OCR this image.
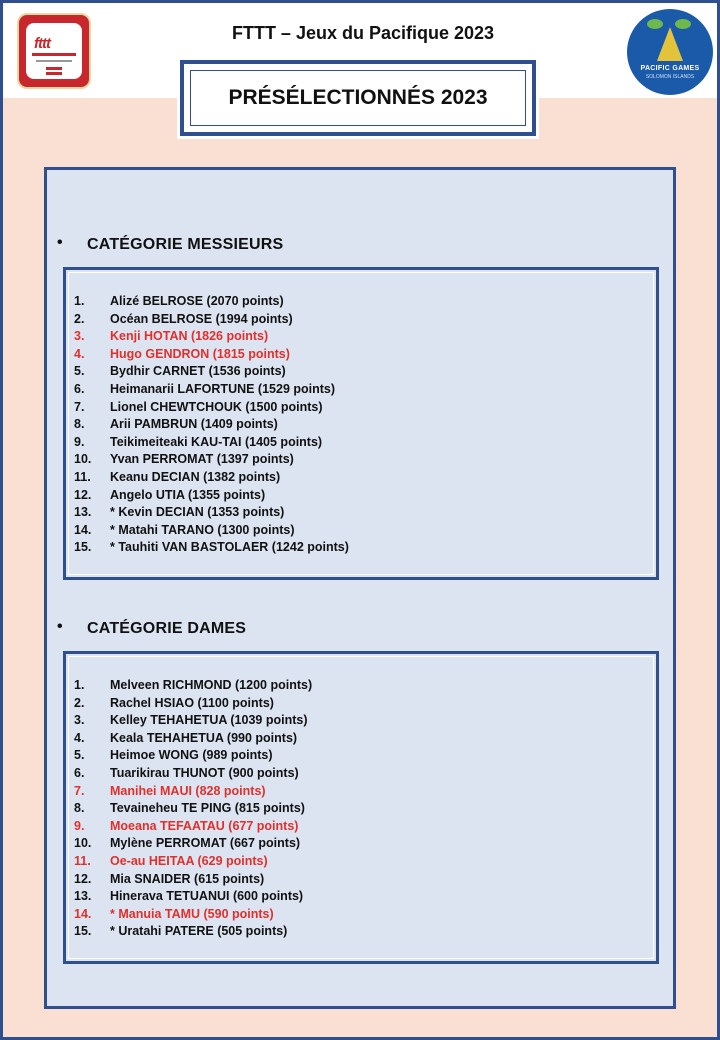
fttt
FTTT – Jeux du Pacifique 2023
PACIFIC GAMES
SOLOMON ISLANDS
PRÉSÉLECTIONNÉS 2023
• CATÉGORIE MESSIEURS
1.	Alizé BELROSE (2070 points)
2.	Océan BELROSE (1994 points)
3.	Kenji HOTAN (1826 points)
4.	Hugo GENDRON (1815 points)
5.	Bydhir CARNET (1536 points)
6.	Heimanarii LAFORTUNE (1529 points)
7.	Lionel CHEWTCHOUK (1500 points)
8.	Arii PAMBRUN (1409 points)
9.	Teikimeiteaki KAU-TAI (1405 points)
10.	Yvan PERROMAT (1397 points)
11.	Keanu DECIAN (1382 points)
12.	Angelo UTIA (1355 points)
13.	* Kevin DECIAN (1353 points)
14.	* Matahi TARANO (1300 points)
15.	* Tauhiti VAN BASTOLAER (1242 points)
• CATÉGORIE DAMES
1.	Melveen RICHMOND (1200 points)
2.	Rachel HSIAO (1100 points)
3.	Kelley TEHAHETUA (1039 points)
4.	Keala TEHAHETUA (990 points)
5.	Heimoe WONG (989 points)
6.	Tuarikirau THUNOT (900 points)
7.	Manihei MAUI (828 points)
8.	Tevaineheu TE PING (815 points)
9.	Moeana TEFAATAU (677 points)
10.	Mylène PERROMAT (667 points)
11.	Oe-au HEITAA (629 points)
12.	Mia SNAIDER (615 points)
13.	Hinerava TETUANUI (600 points)
14.	* Manuia TAMU (590 points)
15.	* Uratahi PATERE (505 points)
